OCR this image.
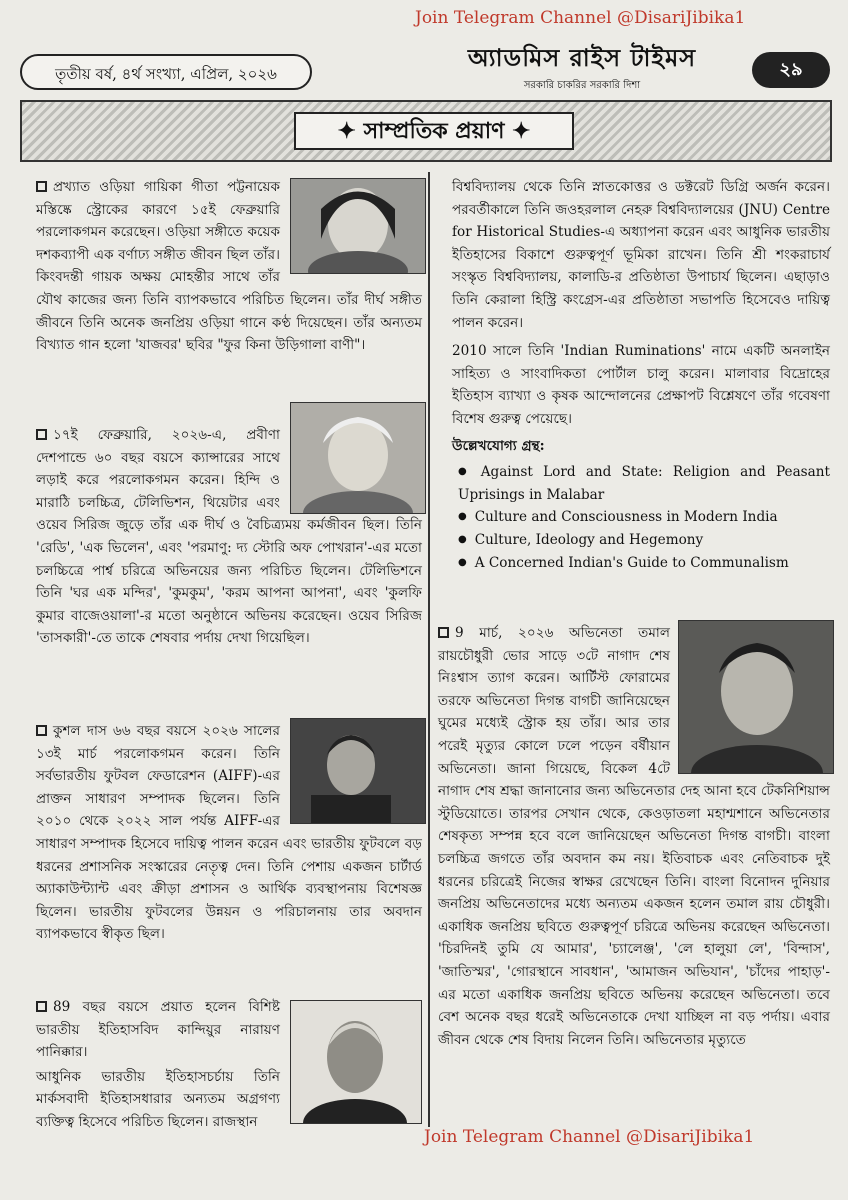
Join Telegram Channel @DisariJibika1
তৃতীয় বর্ষ, ৪র্থ সংখ্যা, এপ্রিল, ২০২৬
অ্যাডমিস রাইস টাইমস
সরকারি চাকরির সরকারি দিশা
২৯
✦ সাম্প্রতিক প্রয়াণ ✦

প্রখ্যাত ওড়িয়া গায়িকা গীতা পট্টনায়েক মস্তিষ্কে স্ট্রোকের কারণে ১৫ই ফেব্রুয়ারি পরলোকগমন করেছেন। ওড়িয়া সঙ্গীতে কয়েক দশকব্যাপী এক বর্ণাঢ্য সঙ্গীত জীবন ছিল তাঁর। কিংবদন্তী গায়ক অক্ষয় মোহন্তীর সাথে তাঁর যৌথ কাজের জন্য তিনি ব্যাপকভাবে পরিচিত ছিলেন। তাঁর দীর্ঘ সঙ্গীত জীবনে তিনি অনেক জনপ্রিয় ওড়িয়া গানে কণ্ঠ দিয়েছেন। তাঁর অন্যতম বিখ্যাত গান হলো 'যাজবর' ছবির "ফুর কিনা উড়িগালা বাণী"।

১৭ই ফেব্রুয়ারি, ২০২৬-এ, প্রবীণা দেশপান্ডে ৬০ বছর বয়সে ক্যান্সারের সাথে লড়াই করে পরলোকগমন করেন। হিন্দি ও মারাঠি চলচ্চিত্র, টেলিভিশন, থিয়েটার এবং ওয়েব সিরিজ জুড়ে তাঁর এক দীর্ঘ ও বৈচিত্র্যময় কর্মজীবন ছিল। তিনি 'রেডি', 'এক ভিলেন', এবং 'পরমাণু: দ্য স্টোরি অফ পোখরান'-এর মতো চলচ্চিত্রে পার্শ্ব চরিত্রে অভিনয়ের জন্য পরিচিত ছিলেন। টেলিভিশনে তিনি 'ঘর এক মন্দির', 'কুমকুম', 'করম আপনা আপনা', এবং 'কুলফি কুমার বাজেওয়ালা'-র মতো অনুষ্ঠানে অভিনয় করেছেন। ওয়েব সিরিজ 'তাসকারী'-তে তাকে শেষবার পর্দায় দেখা গিয়েছিল।

কুশল দাস ৬৬ বছর বয়সে ২০২৬ সালের ১৩ই মার্চ পরলোকগমন করেন। তিনি সর্বভারতীয় ফুটবল ফেডারেশন (AIFF)-এর প্রাক্তন সাধারণ সম্পাদক ছিলেন। তিনি ২০১০ থেকে ২০২২ সাল পর্যন্ত AIFF-এর সাধারণ সম্পাদক হিসেবে দায়িত্ব পালন করেন এবং ভারতীয় ফুটবলে বড় ধরনের প্রশাসনিক সংস্কারের নেতৃত্ব দেন। তিনি পেশায় একজন চার্টার্ড অ্যাকাউন্ট্যান্ট এবং ক্রীড়া প্রশাসন ও আর্থিক ব্যবস্থাপনায় বিশেষজ্ঞ ছিলেন। ভারতীয় ফুটবলের উন্নয়ন ও পরিচালনায় তার অবদান ব্যাপকভাবে স্বীকৃত ছিল।

89 বছর বয়সে প্রয়াত হলেন বিশিষ্ট ভারতীয় ইতিহাসবিদ কান্দিয়ুর নারায়ণ পানিক্কার।

আধুনিক ভারতীয় ইতিহাসচর্চায় তিনি মার্কসবাদী ইতিহাসধারার অন্যতম অগ্রগণ্য ব্যক্তিত্ব হিসেবে পরিচিত ছিলেন। রাজস্থান

বিশ্ববিদ্যালয় থেকে তিনি স্নাতকোত্তর ও ডক্টরেট ডিগ্রি অর্জন করেন। পরবর্তীকালে তিনি জওহরলাল নেহরু বিশ্ববিদ্যালয়ের (JNU) Centre for Historical Studies-এ অধ্যাপনা করেন এবং আধুনিক ভারতীয় ইতিহাসের বিকাশে গুরুত্বপূর্ণ ভূমিকা রাখেন। তিনি শ্রী শংকরাচার্য সংস্কৃত বিশ্ববিদ্যালয়, কালাডি-র প্রতিষ্ঠাতা উপাচার্য ছিলেন। এছাড়াও তিনি কেরালা হিস্ট্রি কংগ্রেস-এর প্রতিষ্ঠাতা সভাপতি হিসেবেও দায়িত্ব পালন করেন।

2010 সালে তিনি 'Indian Ruminations' নামে একটি অনলাইন সাহিত্য ও সাংবাদিকতা পোর্টাল চালু করেন। মালাবার বিদ্রোহের ইতিহাস ব্যাখ্যা ও কৃষক আন্দোলনের প্রেক্ষাপট বিশ্লেষণে তাঁর গবেষণা বিশেষ গুরুত্ব পেয়েছে।

উল্লেখযোগ্য গ্রন্থ:

● Against Lord and State: Religion and Peasant Uprisings in Malabar
● Culture and Consciousness in Modern India
● Culture, Ideology and Hegemony
● A Concerned Indian's Guide to Communalism

9 মার্চ, ২০২৬ অভিনেতা তমাল রায়চৌধুরী ভোর সাড়ে ৩টে নাগাদ শেষ নিঃশ্বাস ত্যাগ করেন। আর্টিস্ট ফোরামের তরফে অভিনেতা দিগন্ত বাগচী জানিয়েছেন ঘুমের মধ্যেই স্ট্রোক হয় তাঁর। আর তার পরেই মৃত্যুর কোলে ঢলে পড়েন বর্ষীয়ান অভিনেতা। জানা গিয়েছে, বিকেল 4টে নাগাদ শেষ শ্রদ্ধা জানানোর জন্য অভিনেতার দেহ আনা হবে টেকনিশিয়ান্স স্টুডিয়োতে। তারপর সেখান থেকে, কেওড়াতলা মহাশ্মশানে অভিনেতার শেষকৃত্য সম্পন্ন হবে বলে জানিয়েছেন অভিনেতা দিগন্ত বাগচী। বাংলা চলচ্চিত্র জগতে তাঁর অবদান কম নয়। ইতিবাচক এবং নেতিবাচক দুই ধরনের চরিত্রেই নিজের স্বাক্ষর রেখেছেন তিনি। বাংলা বিনোদন দুনিয়ার জনপ্রিয় অভিনেতাদের মধ্যে অন্যতম একজন হলেন তমাল রায় চৌধুরী। একাধিক জনপ্রিয় ছবিতে গুরুত্বপূর্ণ চরিত্রে অভিনয় করেছেন অভিনেতা। 'চিরদিনই তুমি যে আমার', 'চ্যালেঞ্জ', 'লে হালুয়া লে', 'বিন্দাস', 'জাতিস্মর', 'গোরস্থানে সাবধান', 'আমাজন অভিযান', 'চাঁদের পাহাড়'-এর মতো একাধিক জনপ্রিয় ছবিতে অভিনয় করেছেন অভিনেতা। তবে বেশ অনেক বছর ধরেই অভিনেতাকে দেখা যাচ্ছিল না বড় পর্দায়। এবার জীবন থেকে শেষ বিদায় নিলেন তিনি। অভিনেতার মৃত্যুতে

Join Telegram Channel @DisariJibika1
